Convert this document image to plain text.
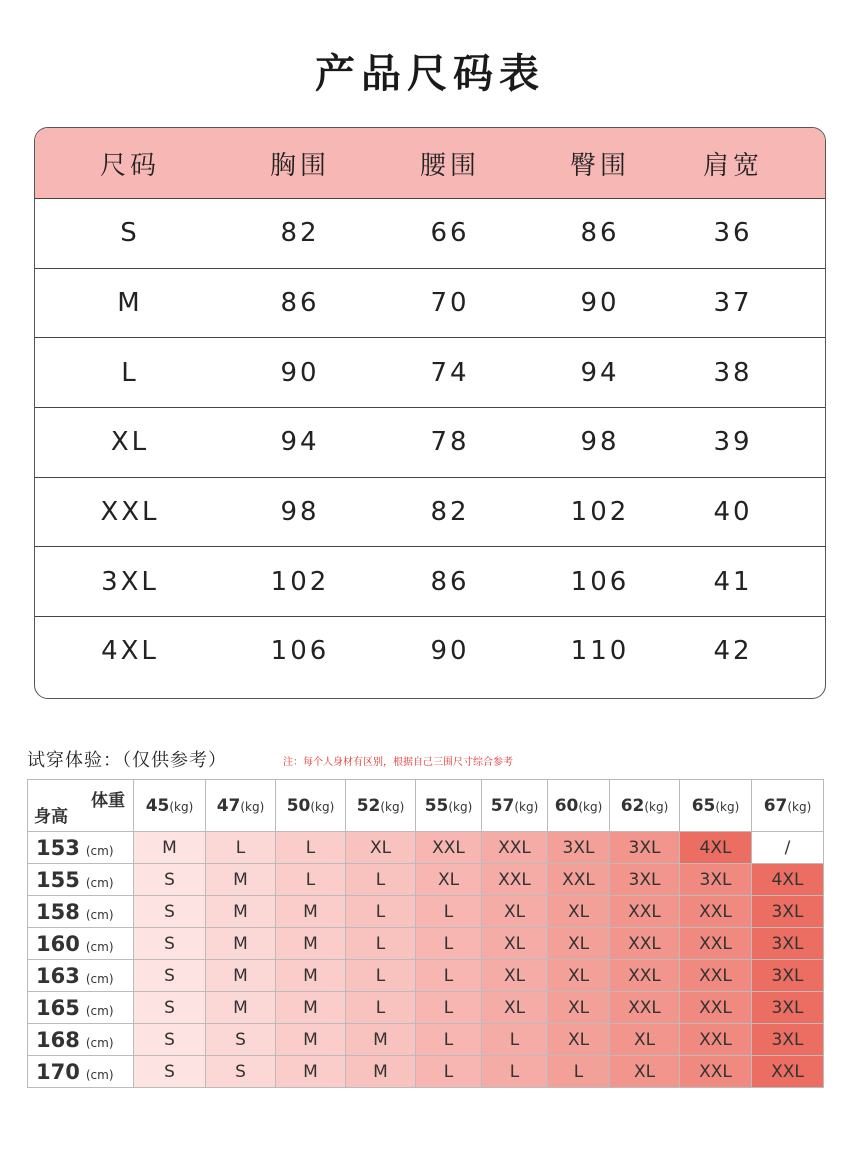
产品尺码表
尺码	胸围	腰围	臀围	肩宽
S	82	66	86	36
M	86	70	90	37
L	90	74	94	38
XL	94	78	98	39
XXL	98	82	102	40
3XL	102	86	106	41
4XL	106	90	110	42
试穿体验：（仅供参考）	注：每个人身材有区别，根据自己三围尺寸综合参考
体重
身高	45(kg)	47(kg)	50(kg)	52(kg)	55(kg)	57(kg)	60(kg)	62(kg)	65(kg)	67(kg)
153 (cm)	M	L	L	XL	XXL	XXL	3XL	3XL	4XL	/
155 (cm)	S	M	L	L	XL	XXL	XXL	3XL	3XL	4XL
158 (cm)	S	M	M	L	L	XL	XL	XXL	XXL	3XL
160 (cm)	S	M	M	L	L	XL	XL	XXL	XXL	3XL
163 (cm)	S	M	M	L	L	XL	XL	XXL	XXL	3XL
165 (cm)	S	M	M	L	L	XL	XL	XXL	XXL	3XL
168 (cm)	S	S	M	M	L	L	XL	XL	XXL	3XL
170 (cm)	S	S	M	M	L	L	L	XL	XXL	XXL
